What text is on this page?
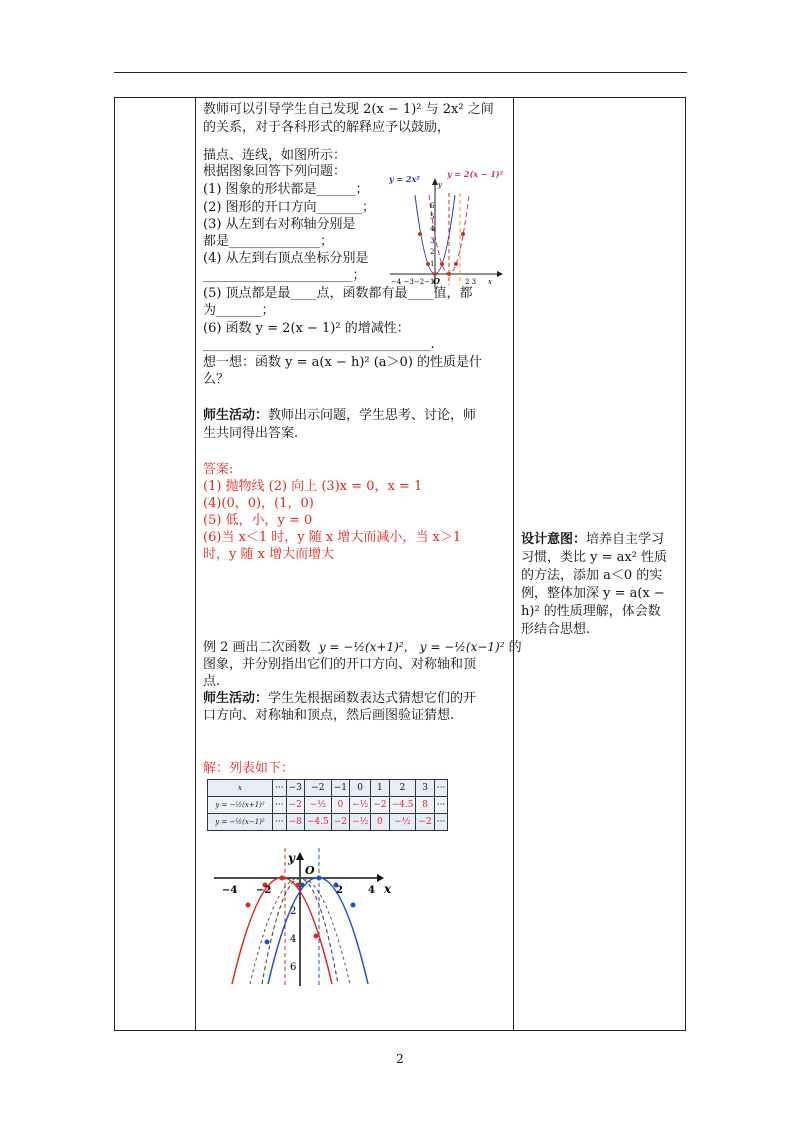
教师可以引导学生自己发现 2(x − 1)² 与 2x² 之间
的关系，对于各科形式的解释应予以鼓励，
描点、连线，如图所示：
根据图象回答下列问题：
(1) 图象的形状都是______；
(2) 图形的开口方向_______；
(3) 从左到右对称轴分别是
都是______________；
(4) 从左到右顶点坐标分别是
_______________________；
(5) 顶点都是最____点，函数都有最____值，都
为_______；
(6) 函数 y = 2(x − 1)² 的增减性：
___________________________________.
想一想：函数 y = a(x − h)² (a＞0) 的性质是什
么？
师生活动：教师出示问题，学生思考、讨论，师
生共同得出答案.
答案:
(1) 抛物线 (2) 向上 (3)x = 0，x = 1
(4)(0，0)，(1，0)
(5) 低，小，y = 0
(6)当 x＜1 时，y 随 x 增大而减小，当 x＞1
时，y 随 x 增大而增大
例 2 画出二次函数 y = −½(x+1)²， y = −½(x−1)² 的
图象，并分别指出它们的开口方向、对称轴和顶
点.
师生活动：学生先根据函数表达式猜想它们的开
口方向、对称轴和顶点，然后画图验证猜想.
解：列表如下：
x	···	−3	−2	−1	0	1	2	3	···
y = −½(x+1)²	···	−2	−½	0	−½	−2	−4.5	8	···
y = −½(x−1)²	···	−8	−4.5	−2	−½	0	−½	−2	···
y = 2x²	y = 2(x − 1)²
y
6
5
4
3
2
1
−4 −3−2−1
O	2 3 x
y
x
O
−4 −2	2	4
2
4
6
设计意图：培养自主学习
习惯，类比 y = ax² 性质
的方法，添加 a＜0 的实
例，整体加深 y = a(x −
h)² 的性质理解，体会数
形结合思想.
2
